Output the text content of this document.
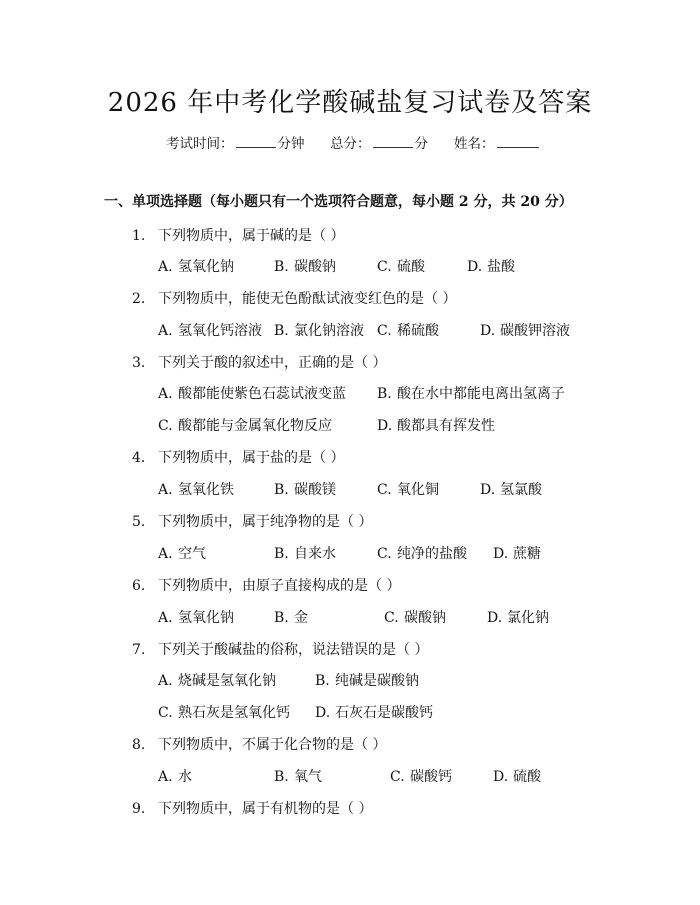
2026 年中考化学酸碱盐复习试卷及答案
考试时间：	分钟 总分：	分 姓名：
一、单项选择题（每小题只有一个选项符合题意，每小题 2 分，共 20 分）
1. 下列物质中，属于碱的是（ ）
A. 氢氧化钠	B. 碳酸钠	C. 硫酸	D. 盐酸
2. 下列物质中，能使无色酚酞试液变红色的是（ ）
A. 氢氧化钙溶液 B. 氯化钠溶液 C. 稀硫酸	D. 碳酸钾溶液
3. 下列关于酸的叙述中，正确的是（ ）
A. 酸都能使紫色石蕊试液变蓝 B. 酸在水中都能电离出氢离子
C. 酸都能与金属氧化物反应	D. 酸都具有挥发性
4. 下列物质中，属于盐的是（ ）
A. 氢氧化铁	B. 碳酸镁	C. 氧化铜	D. 氢氯酸
5. 下列物质中，属于纯净物的是（ ）
A. 空气	B. 自来水	C. 纯净的盐酸 D. 蔗糖
6. 下列物质中，由原子直接构成的是（ ）
A. 氢氧化钠	B. 金	C. 碳酸钠	D. 氯化钠
7. 下列关于酸碱盐的俗称，说法错误的是（ ）
A. 烧碱是氢氧化钠	B. 纯碱是碳酸钠
C. 熟石灰是氢氧化钙 D. 石灰石是碳酸钙
8. 下列物质中，不属于化合物的是（ ）
A. 水	B. 氧气	C. 碳酸钙	D. 硫酸
9. 下列物质中，属于有机物的是（ ）
